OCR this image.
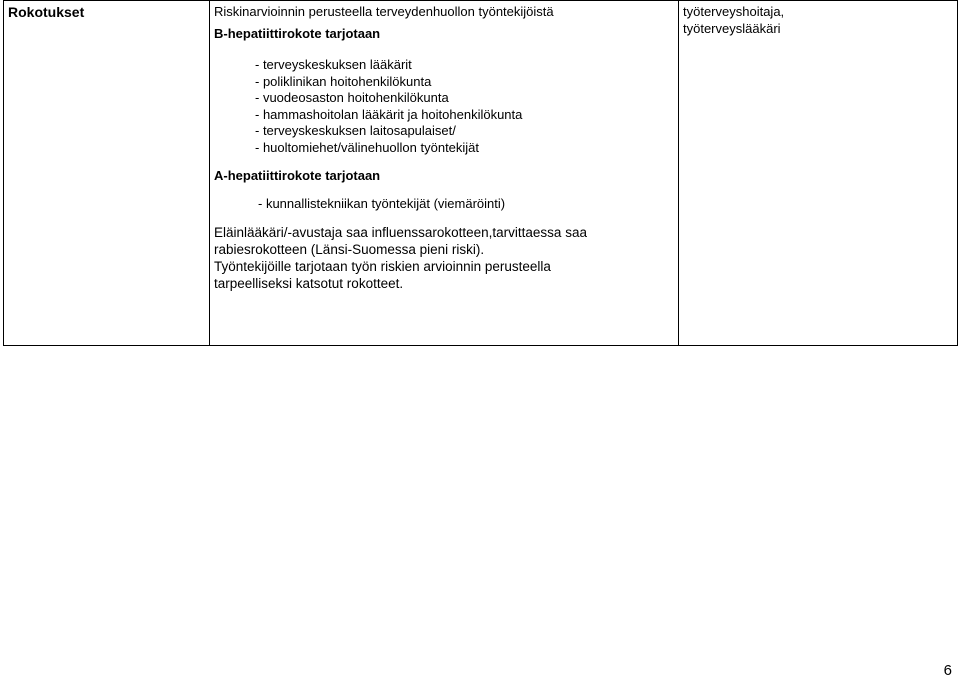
Rokotukset	Riskinarvioinnin perusteella terveydenhuollon työntekijöistä
B-hepatiittirokote tarjotaan
- terveyskeskuksen lääkärit
- poliklinikan hoitohenkilökunta
- vuodeosaston hoitohenkilökunta
- hammashoitolan lääkärit ja hoitohenkilökunta
- terveyskeskuksen laitosapulaiset/
- huoltomiehet/välinehuollon työntekijät
A-hepatiittirokote tarjotaan
- kunnallistekniikan työntekijät (viemäröinti)
Eläinlääkäri/-avustaja saa influenssarokotteen,tarvittaessa saa
rabiesrokotteen (Länsi-Suomessa pieni riski).
Työntekijöille tarjotaan työn riskien arvioinnin perusteella
tarpeelliseksi katsotut rokotteet.
työterveyshoitaja,
työterveyslääkäri
6
